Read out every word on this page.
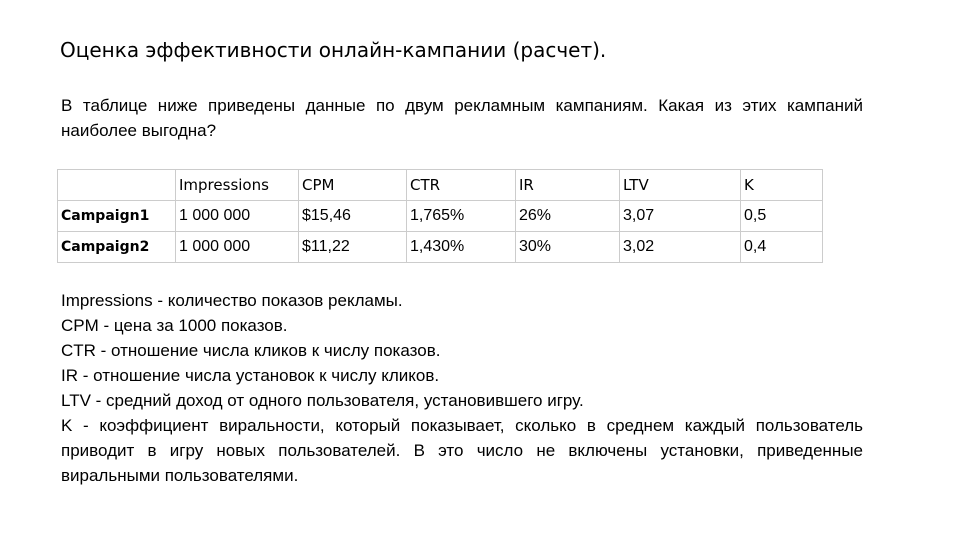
Оценка эффективности онлайн-кампании (расчет).

В таблице ниже приведены данные по двум рекламным кампаниям. Какая из этих кампаний наиболее выгодна?

	Impressions	CPM	CTR	IR	LTV	K
Campaign1	1 000 000	$15,46	1,765%	26%	3,07	0,5
Campaign2	1 000 000	$11,22	1,430%	30%	3,02	0,4

Impressions - количество показов рекламы.

CPM - цена за 1000 показов.

CTR - отношение числа кликов к числу показов.

IR - отношение числа установок к числу кликов.

LTV - средний доход от одного пользователя, установившего игру.

K - коэффициент виральности, который показывает, сколько в среднем каждый пользователь приводит в игру новых пользователей. В это число не включены установки, приведенные виральными пользователями.
